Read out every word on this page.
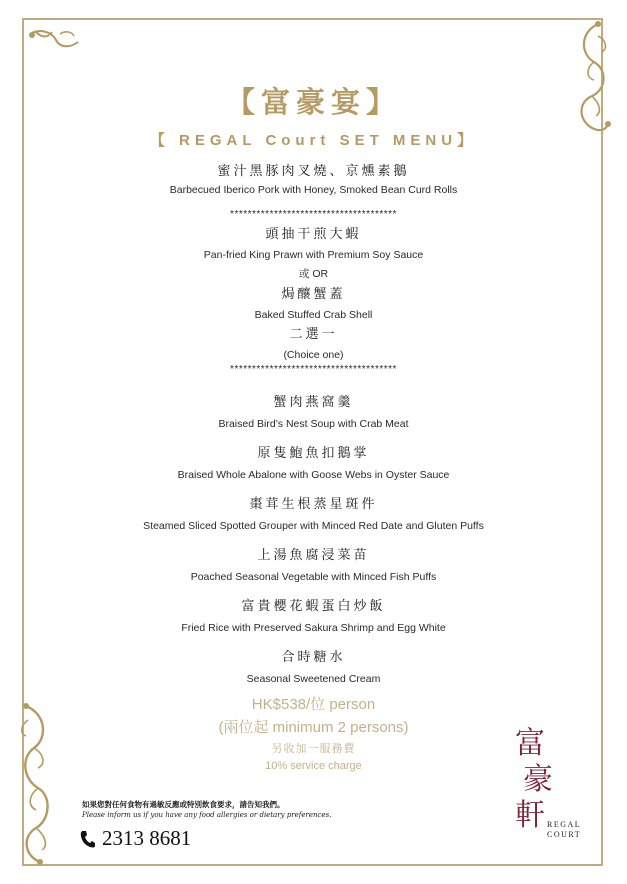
【富豪宴】
【 REGAL Court SET MENU】
蜜汁黑豚肉叉燒、京燻素鵝
Barbecued Iberico Pork with Honey, Smoked Bean Curd Rolls
**************************************
頭抽干煎大蝦
Pan-fried King Prawn with Premium Soy Sauce
或 OR
焗釀蟹蓋
Baked Stuffed Crab Shell
二選一
(Choice one)
**************************************
蟹肉燕窩羹
Braised Bird’s Nest Soup with Crab Meat
原隻鮑魚扣鵝掌
Braised Whole Abalone with Goose Webs in Oyster Sauce
棗茸生根蒸星斑件
Steamed Sliced Spotted Grouper with Minced Red Date and Gluten Puffs
上湯魚腐浸菜苗
Poached Seasonal Vegetable with Minced Fish Puffs
富貴櫻花蝦蛋白炒飯
Fried Rice with Preserved Sakura Shrimp and Egg White
合時糖水
Seasonal Sweetened Cream
HK$538/位 person
(兩位起 minimum 2 persons)
另收加一服務費
10% service charge
如果您對任何食物有過敏反應或特別飲食要求，請告知我們。
Please inform us if you have any food allergies or dietary preferences.
2313 8681
富
豪
軒 REGAL
COURT
